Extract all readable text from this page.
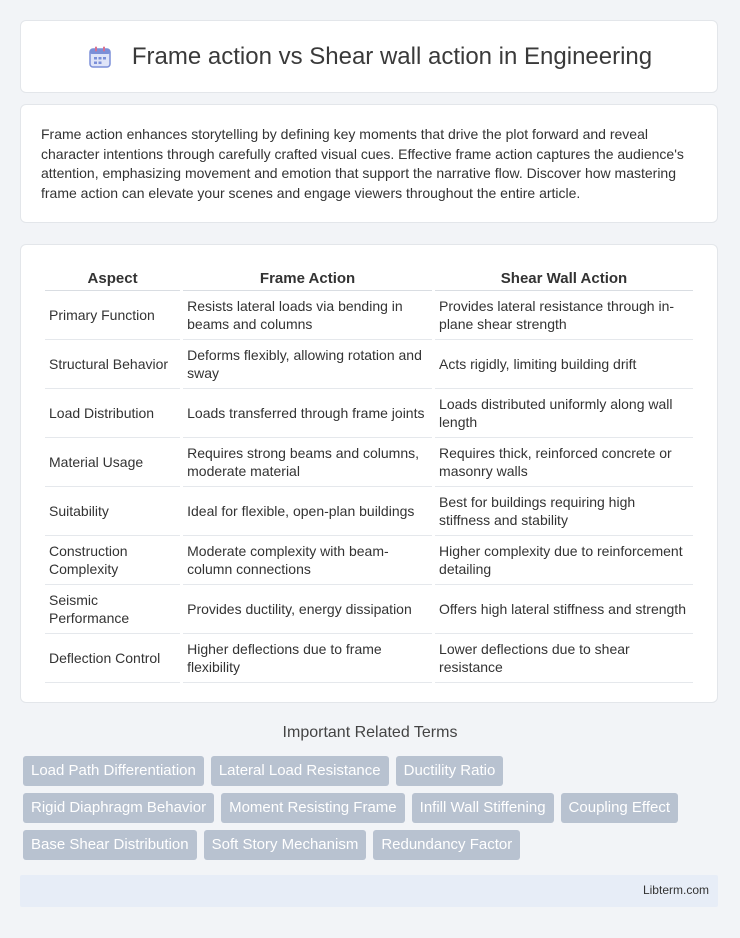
Frame action vs Shear wall action in Engineering

Frame action enhances storytelling by defining key moments that drive the plot forward and reveal character intentions through carefully crafted visual cues. Effective frame action captures the audience's attention, emphasizing movement and emotion that support the narrative flow. Discover how mastering frame action can elevate your scenes and engage viewers throughout the entire article.

Aspect	Frame Action	Shear Wall Action
Primary Function	Resists lateral loads via bending in beams and columns	Provides lateral resistance through in-plane shear strength
Structural Behavior	Deforms flexibly, allowing rotation and sway	Acts rigidly, limiting building drift
Load Distribution	Loads transferred through frame joints	Loads distributed uniformly along wall length
Material Usage	Requires strong beams and columns, moderate material	Requires thick, reinforced concrete or masonry walls
Suitability	Ideal for flexible, open-plan buildings	Best for buildings requiring high stiffness and stability
Construction Complexity	Moderate complexity with beam-column connections	Higher complexity due to reinforcement detailing
Seismic Performance	Provides ductility, energy dissipation	Offers high lateral stiffness and strength
Deflection Control	Higher deflections due to frame flexibility	Lower deflections due to shear resistance
Important Related Terms
Load Path Differentiation	Lateral Load Resistance	Ductility Ratio
Rigid Diaphragm Behavior	Moment Resisting Frame	Infill Wall Stiffening	Coupling Effect
Base Shear Distribution	Soft Story Mechanism	Redundancy Factor
Libterm.com
